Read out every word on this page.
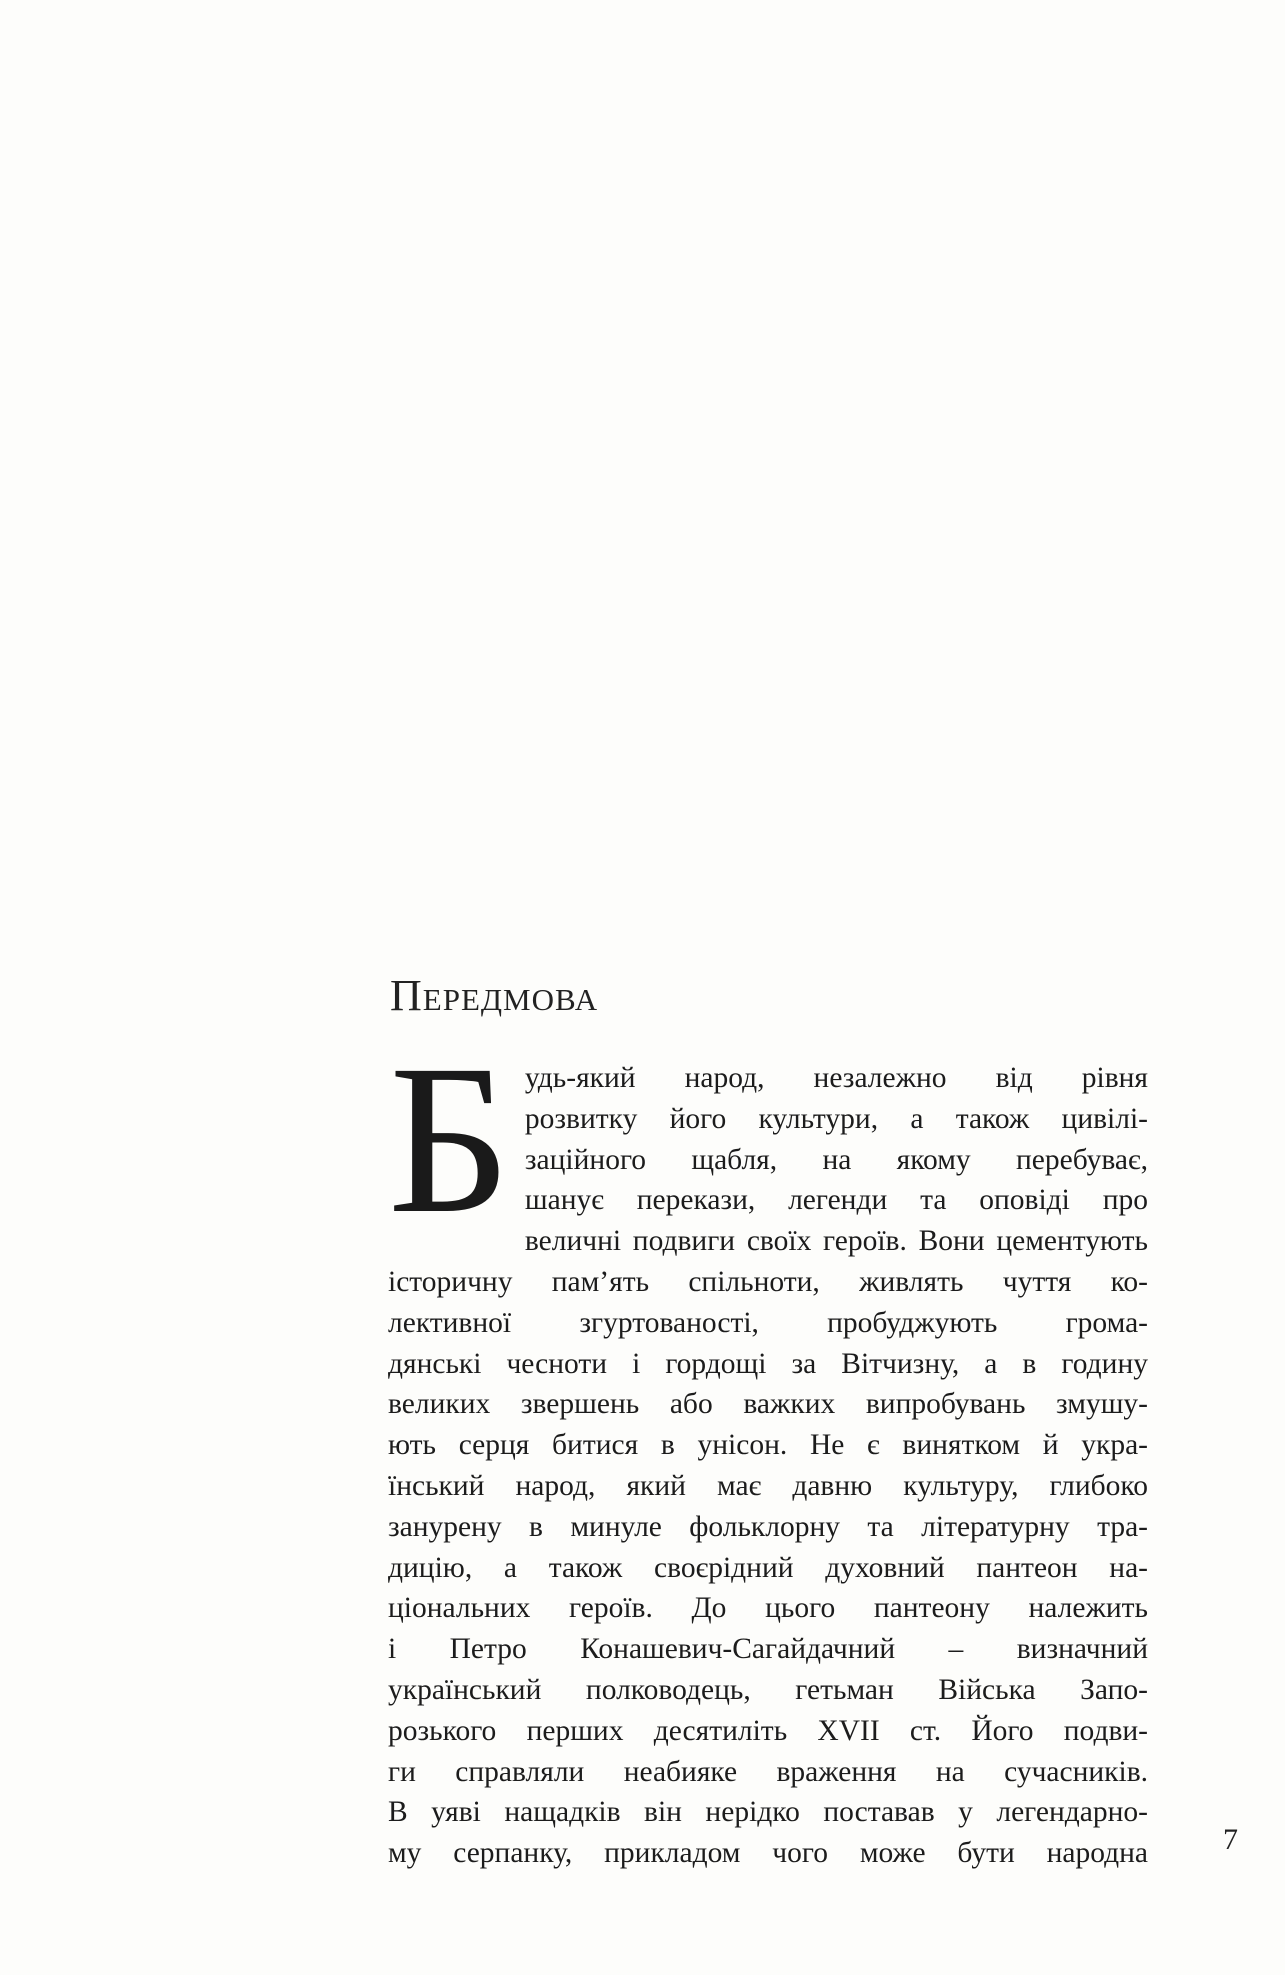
Передмова
Б удь-який народ, незалежно від рівня
розвитку його культури, а також цивілі-
заційного щабля, на якому перебуває,
шанує перекази, легенди та оповіді про
величні подвиги своїх героїв. Вони цементують
історичну пам’ять спільноти, живлять чуття ко-
лективної згуртованості, пробуджують грома-
дянські чесноти і гордощі за Вітчизну, а в годину
великих звершень або важких випробувань змушу-
ють серця битися в унісон. Не є винятком й укра-
їнський народ, який має давню культуру, глибоко
занурену в минуле фольклорну та літературну тра-
дицію, а також своєрідний духовний пантеон на-
ціональних героїв. До цього пантеону належить
і Петро Конашевич-Сагайдачний – визначний
український полководець, гетьман Війська Запо-
розького перших десятиліть XVII ст. Його подви-
ги справляли неабияке враження на сучасників.
В уяві нащадків він нерідко поставав у легендарно-
му серпанку, прикладом чого може бути народна	7
